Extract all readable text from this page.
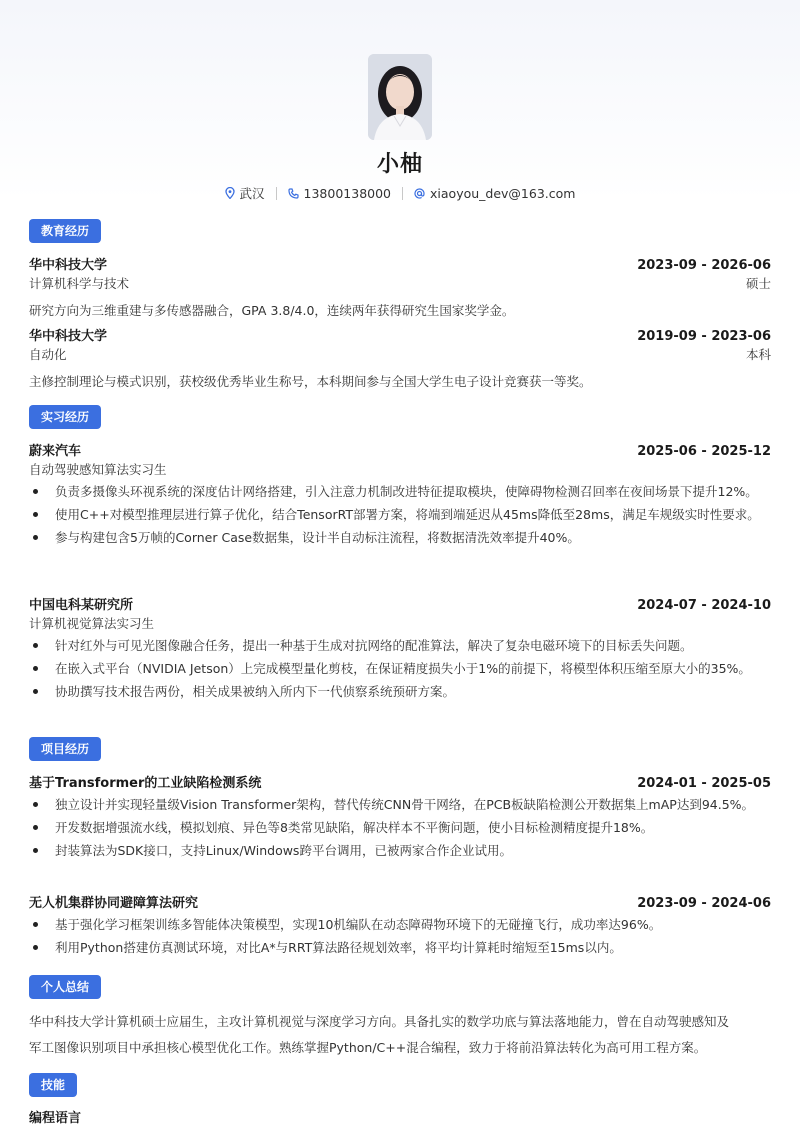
小柚
武汉	13800138000	xiaoyou_dev@163.com
教育经历
华中科技大学	2023-09 - 2026-06
计算机科学与技术	硕士
研究方向为三维重建与多传感器融合，GPA 3.8/4.0，连续两年获得研究生国家奖学金。
华中科技大学	2019-09 - 2023-06
自动化	本科
主修控制理论与模式识别，获校级优秀毕业生称号，本科期间参与全国大学生电子设计竞赛获一等奖。
实习经历
蔚来汽车	2025-06 - 2025-12
自动驾驶感知算法实习生
负责多摄像头环视系统的深度估计网络搭建，引入注意力机制改进特征提取模块，使障碍物检测召回率在夜间场景下提升12%。
使用C++对模型推理层进行算子优化，结合TensorRT部署方案，将端到端延迟从45ms降低至28ms，满足车规级实时性要求。
参与构建包含5万帧的Corner Case数据集，设计半自动标注流程，将数据清洗效率提升40%。
中国电科某研究所	2024-07 - 2024-10
计算机视觉算法实习生
针对红外与可见光图像融合任务，提出一种基于生成对抗网络的配准算法，解决了复杂电磁环境下的目标丢失问题。
在嵌入式平台（NVIDIA Jetson）上完成模型量化剪枝，在保证精度损失小于1%的前提下，将模型体积压缩至原大小的35%。
协助撰写技术报告两份，相关成果被纳入所内下一代侦察系统预研方案。
项目经历
基于Transformer的工业缺陷检测系统	2024-01 - 2025-05
独立设计并实现轻量级Vision Transformer架构，替代传统CNN骨干网络，在PCB板缺陷检测公开数据集上mAP达到94.5%。
开发数据增强流水线，模拟划痕、异色等8类常见缺陷，解决样本不平衡问题，使小目标检测精度提升18%。
封装算法为SDK接口，支持Linux/Windows跨平台调用，已被两家合作企业试用。
无人机集群协同避障算法研究	2023-09 - 2024-06
基于强化学习框架训练多智能体决策模型，实现10机编队在动态障碍物环境下的无碰撞飞行，成功率达96%。
利用Python搭建仿真测试环境，对比A*与RRT算法路径规划效率，将平均计算耗时缩短至15ms以内。
个人总结
华中科技大学计算机硕士应届生，主攻计算机视觉与深度学习方向。具备扎实的数学功底与算法落地能力，曾在自动驾驶感知及
军工图像识别项目中承担核心模型优化工作。熟练掌握Python/C++混合编程，致力于将前沿算法转化为高可用工程方案。
技能
编程语言
